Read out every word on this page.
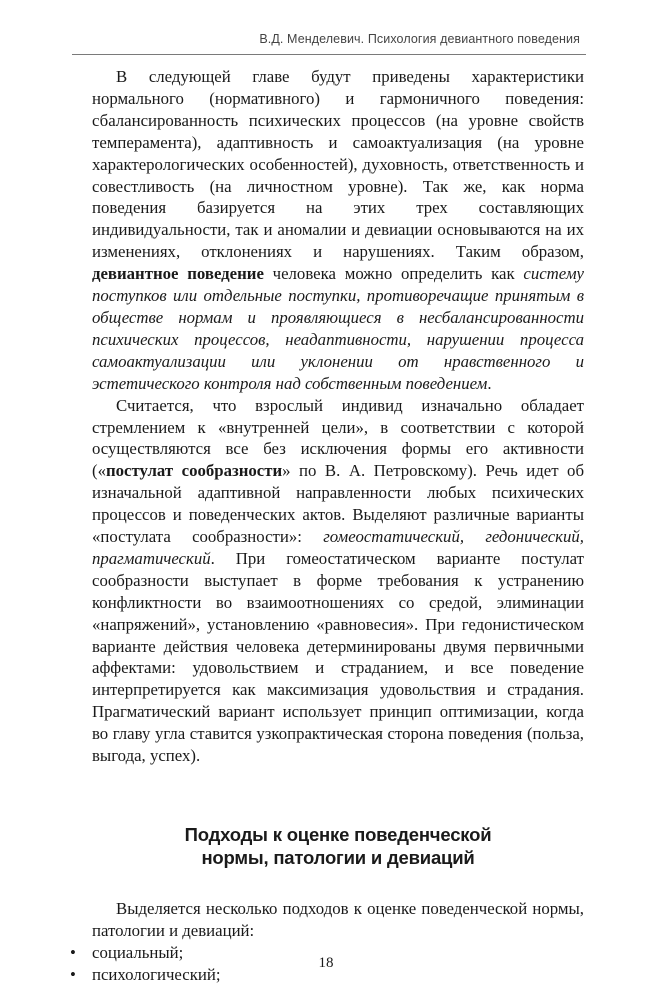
В.Д. Менделевич. Психология девиантного поведения

В следующей главе будут приведены характеристики нормального (нормативного) и гармоничного поведения: сбалансированность психических процессов (на уровне свойств темперамента), адаптивность и самоактуализация (на уровне характерологических особенностей), духовность, ответственность и совестливость (на личностном уровне). Так же, как норма поведения базируется на этих трех составляющих индивидуальности, так и аномалии и девиации основываются на их изменениях, отклонениях и нарушениях. Таким образом, девиантное поведение человека можно определить как систему поступков или отдельные поступки, противоречащие принятым в обществе нормам и проявляющиеся в несбалансированности психических процессов, неадаптивности, нарушении процесса самоактуализации или уклонении от нравственного и эстетического контроля над собственным поведением.

Считается, что взрослый индивид изначально обладает стремлением к «внутренней цели», в соответствии с которой осуществляются все без исключения формы его активности («постулат сообразности» по В. А. Петровскому). Речь идет об изначальной адаптивной направленности любых психических процессов и поведенческих актов. Выделяют различные варианты «постулата сообразности»: гомеостатический, гедонический, прагматический. При гомеостатическом варианте постулат сообразности выступает в форме требования к устранению конфликтности во взаимоотношениях со средой, элиминации «напряжений», установлению «равновесия». При гедонистическом варианте действия человека детерминированы двумя первичными аффектами: удовольствием и страданием, и все поведение интерпретируется как максимизация удовольствия и страдания. Прагматический вариант использует принцип оптимизации, когда во главу угла ставится узкопрактическая сторона поведения (польза, выгода, успех).

Подходы к оценке поведенческой
нормы, патологии и девиаций

Выделяется несколько подходов к оценке поведенческой нормы, патологии и девиаций:

• социальный;
• психологический;
18
